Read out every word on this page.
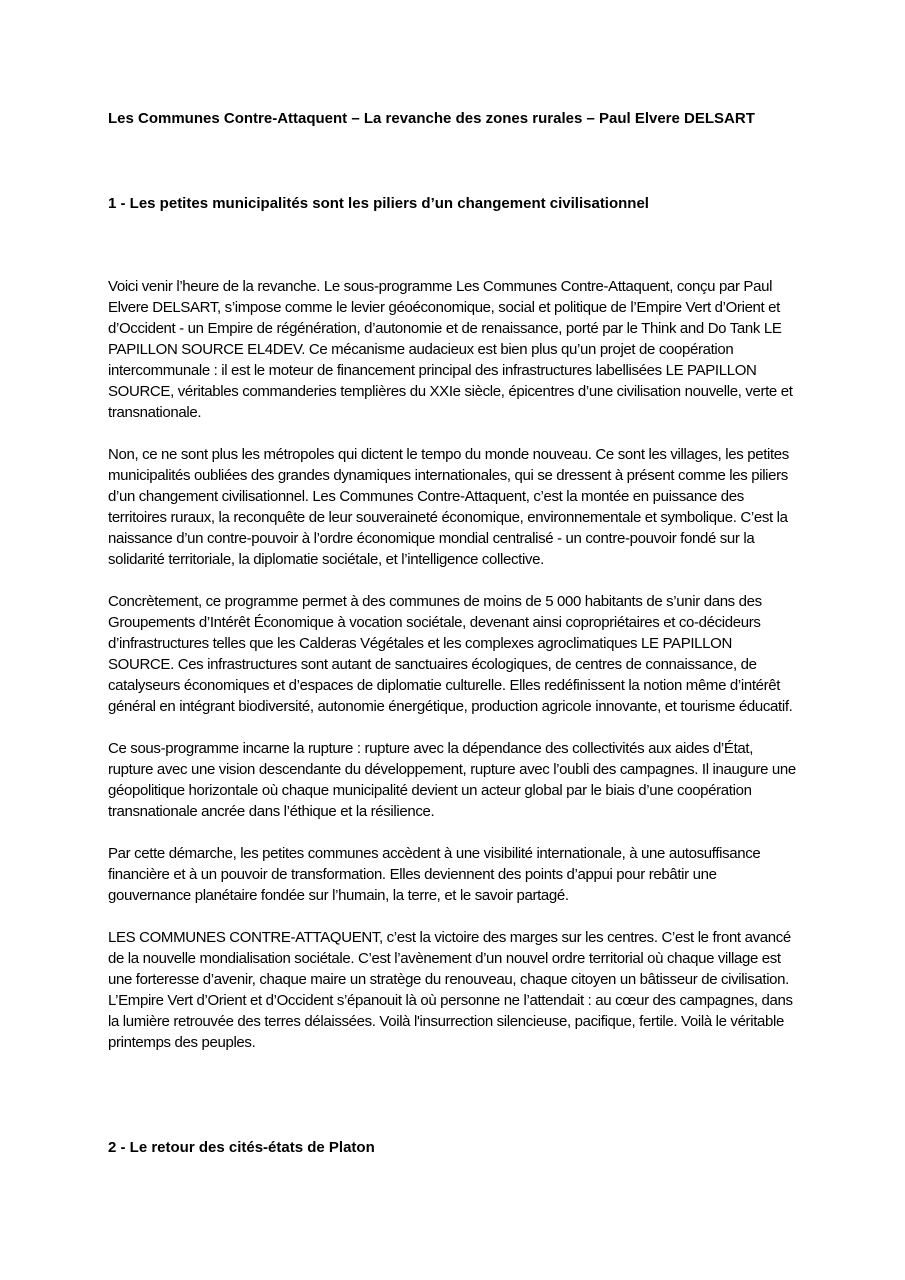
Les Communes Contre-Attaquent – La revanche des zones rurales – Paul Elvere DELSART

1 - Les petites municipalités sont les piliers d’un changement civilisationnel

Voici venir l’heure de la revanche. Le sous-programme Les Communes Contre-Attaquent, conçu par Paul Elvere DELSART, s’impose comme le levier géoéconomique, social et politique de l’Empire Vert d’Orient et d’Occident - un Empire de régénération, d’autonomie et de renaissance, porté par le Think and Do Tank LE PAPILLON SOURCE EL4DEV. Ce mécanisme audacieux est bien plus qu’un projet de coopération intercommunale : il est le moteur de financement principal des infrastructures labellisées LE PAPILLON SOURCE, véritables commanderies templières du XXIe siècle, épicentres d’une civilisation nouvelle, verte et transnationale.

Non, ce ne sont plus les métropoles qui dictent le tempo du monde nouveau. Ce sont les villages, les petites municipalités oubliées des grandes dynamiques internationales, qui se dressent à présent comme les piliers d’un changement civilisationnel. Les Communes Contre-Attaquent, c’est la montée en puissance des territoires ruraux, la reconquête de leur souveraineté économique, environnementale et symbolique. C’est la naissance d’un contre-pouvoir à l’ordre économique mondial centralisé - un contre-pouvoir fondé sur la solidarité territoriale, la diplomatie sociétale, et l’intelligence collective.

Concrètement, ce programme permet à des communes de moins de 5 000 habitants de s’unir dans des Groupements d’Intérêt Économique à vocation sociétale, devenant ainsi copropriétaires et co-décideurs d’infrastructures telles que les Calderas Végétales et les complexes agroclimatiques LE PAPILLON SOURCE. Ces infrastructures sont autant de sanctuaires écologiques, de centres de connaissance, de catalyseurs économiques et d’espaces de diplomatie culturelle. Elles redéfinissent la notion même d’intérêt général en intégrant biodiversité, autonomie énergétique, production agricole innovante, et tourisme éducatif.

Ce sous-programme incarne la rupture : rupture avec la dépendance des collectivités aux aides d’État, rupture avec une vision descendante du développement, rupture avec l’oubli des campagnes. Il inaugure une géopolitique horizontale où chaque municipalité devient un acteur global par le biais d’une coopération transnationale ancrée dans l’éthique et la résilience.

Par cette démarche, les petites communes accèdent à une visibilité internationale, à une autosuffisance financière et à un pouvoir de transformation. Elles deviennent des points d’appui pour rebâtir une gouvernance planétaire fondée sur l’humain, la terre, et le savoir partagé.

LES COMMUNES CONTRE-ATTAQUENT, c’est la victoire des marges sur les centres. C’est le front avancé de la nouvelle mondialisation sociétale. C’est l’avènement d’un nouvel ordre territorial où chaque village est une forteresse d’avenir, chaque maire un stratège du renouveau, chaque citoyen un bâtisseur de civilisation. L’Empire Vert d’Orient et d’Occident s’épanouit là où personne ne l’attendait : au cœur des campagnes, dans la lumière retrouvée des terres délaissées. Voilà l'insurrection silencieuse, pacifique, fertile. Voilà le véritable printemps des peuples.

2 - Le retour des cités-états de Platon
